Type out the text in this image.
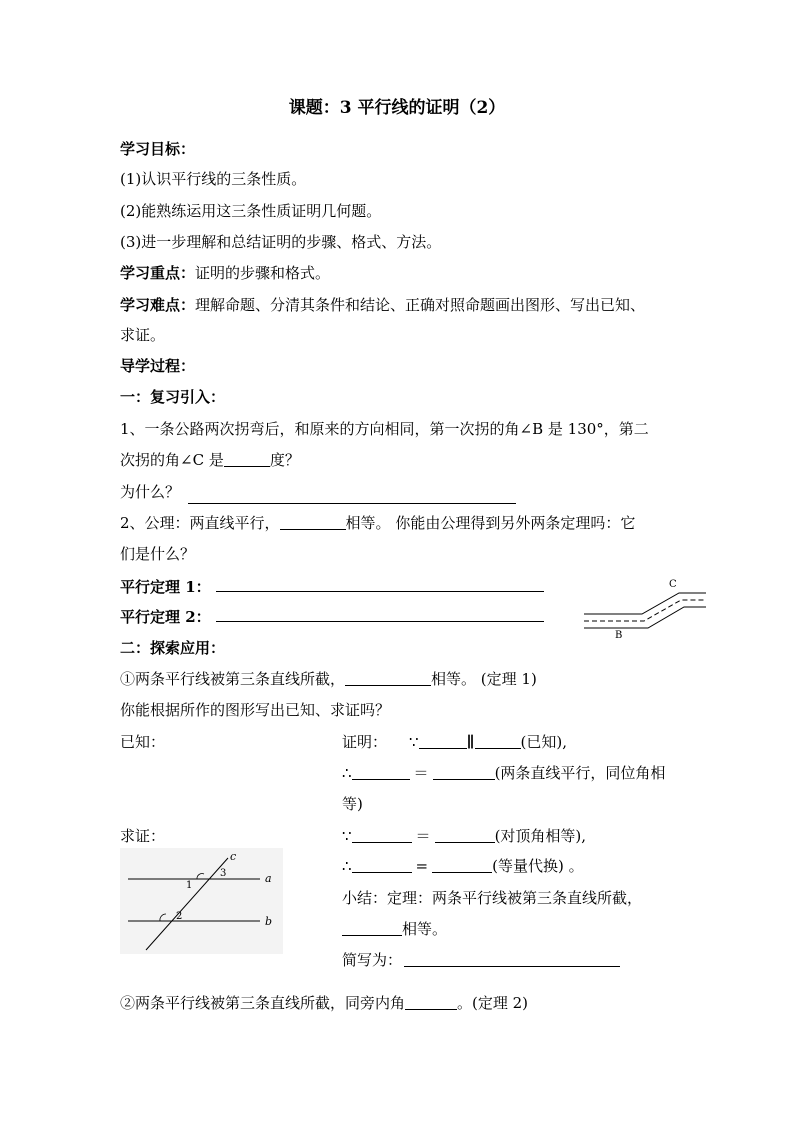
课题：3 平行线的证明（2）
学习目标：
(1)认识平行线的三条性质。
(2)能熟练运用这三条性质证明几何题。
(3)进一步理解和总结证明的步骤、格式、方法。
学习重点：证明的步骤和格式。
学习难点：理解命题、分清其条件和结论、正确对照命题画出图形、写出已知、
求证。
导学过程：
一：复习引入：
1、一条公路两次拐弯后，和原来的方向相同，第一次拐的角∠B 是 130°，第二
次拐的角∠C 是	度？
为什么？
2、公理：两直线平行，	相等。 你能由公理得到另外两条定理吗：它
们是什么？
平行定理 1：
平行定理 2：
C
B
二：探索应用：
①两条平行线被第三条直线所截，	相等。 (定理 1)
你能根据所作的图形写出已知、求证吗？
已知：	证明： ∵	∥	(已知),
∴	＝	(两条直线平行，同位角相
等)
求证：	∵	＝	(对顶角相等),
∴	=	(等量代换) 。
小结：定理：两条平行线被第三条直线所截，
相等。
简写为：
c
a
b
1
3
2
②两条平行线被第三条直线所截，同旁内角	。(定理 2)
